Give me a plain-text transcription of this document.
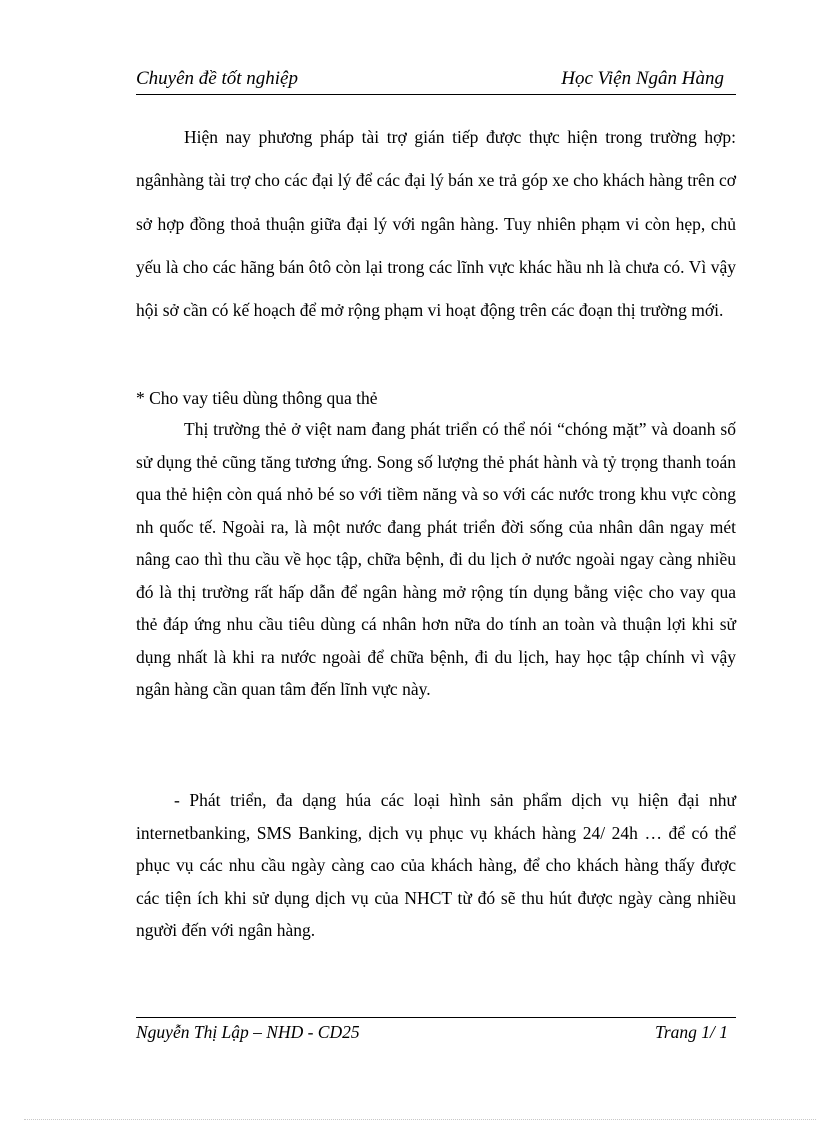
Chuyên đề tốt nghiệp	Học Viện Ngân Hàng

Hiện nay phương pháp tài trợ gián tiếp được thực hiện trong trường hợp: ngânhàng tài trợ cho các đại lý để các đại lý bán xe trả góp xe cho khách hàng trên cơ sở hợp đồng thoả thuận giữa đại lý với ngân hàng. Tuy nhiên phạm vi còn hẹp, chủ yếu là cho các hãng bán ôtô còn lại trong các lĩnh vực khác hầu nh là chưa có. Vì vậy hội sở cần có kế hoạch để mở rộng phạm vi hoạt động trên các đoạn thị trường mới.

* Cho vay tiêu dùng thông qua thẻ

Thị trường thẻ ở việt nam đang phát triển có thể nói “chóng mặt” và doanh số sử dụng thẻ cũng tăng tương ứng. Song số lượng thẻ phát hành và tỷ trọng thanh toán qua thẻ hiện còn quá nhỏ bé so với tiềm năng và so với các nước trong khu vực còng nh quốc tế. Ngoài ra, là một nước đang phát triển đời sống của nhân dân ngay mét nâng cao thì thu cầu về học tập, chữa bệnh, đi du lịch ở nước ngoài ngay càng nhiều đó là thị trường rất hấp dẫn để ngân hàng mở rộng tín dụng bằng việc cho vay qua thẻ đáp ứng nhu cầu tiêu dùng cá nhân hơn nữa do tính an toàn và thuận lợi khi sử dụng nhất là khi ra nước ngoài để chữa bệnh, đi du lịch, hay học tập chính vì vậy ngân hàng cần quan tâm đến lĩnh vực này.

- Phát triển, đa dạng húa các loại hình sản phẩm dịch vụ hiện đại như internetbanking, SMS Banking, dịch vụ phục vụ khách hàng 24/ 24h … để có thể phục vụ các nhu cầu ngày càng cao của khách hàng, để cho khách hàng thấy được các tiện ích khi sử dụng dịch vụ của NHCT từ đó sẽ thu hút được ngày càng nhiều người đến với ngân hàng.

Nguyễn Thị Lập – NHD - CD25	Trang 1/ 1
